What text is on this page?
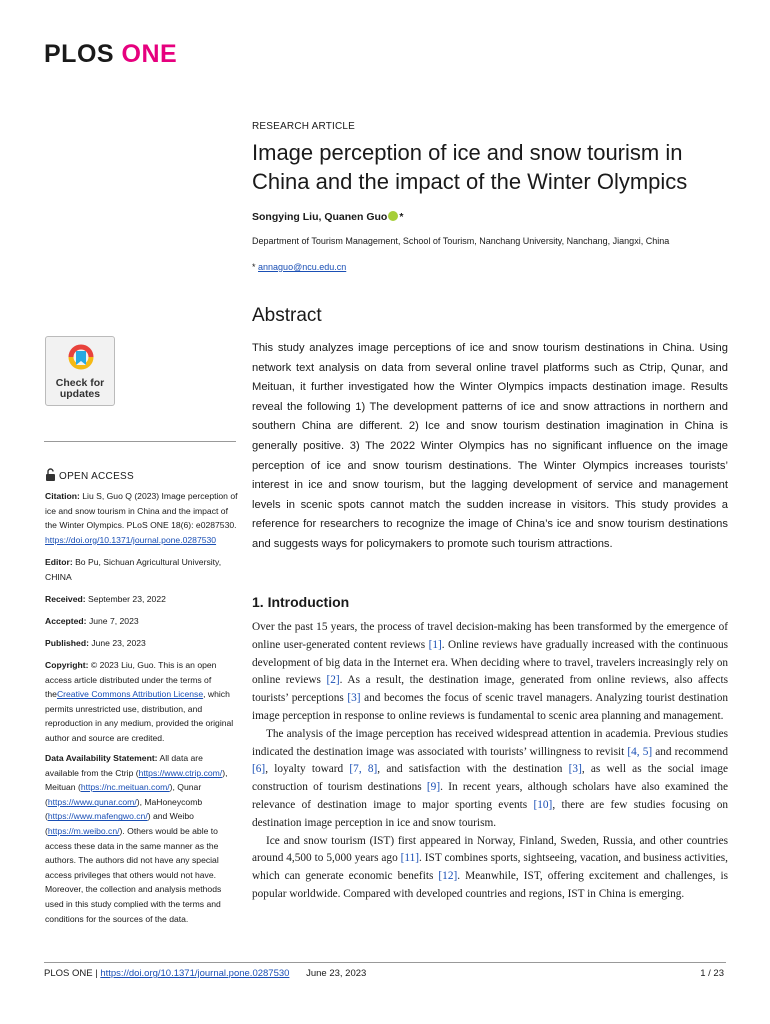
PLOS ONE
RESEARCH ARTICLE
Image perception of ice and snow tourism in China and the impact of the Winter Olympics
Songying Liu, Quanen Guo *
Department of Tourism Management, School of Tourism, Nanchang University, Nanchang, Jiangxi, China
* annaguo@ncu.edu.cn
Abstract
This study analyzes image perceptions of ice and snow tourism destinations in China. Using network text analysis on data from several online travel platforms such as Ctrip, Qunar, and Meituan, it further investigated how the Winter Olympics impacts destination image. Results reveal the following 1) The development patterns of ice and snow attractions in northern and southern China are different. 2) Ice and snow tourism destination imagination in China is generally positive. 3) The 2022 Winter Olympics has no significant influence on the image perception of ice and snow tourism destinations. The Winter Olympics increases tourists’ interest in ice and snow tourism, but the lagging development of service and management levels in scenic spots cannot match the sudden increase in visitors. This study provides a reference for researchers to recognize the image of China’s ice and snow tourism destinations and suggests ways for policymakers to promote such tourism attractions.
Check for
updates
OPEN ACCESS
Citation: Liu S, Guo Q (2023) Image perception of ice and snow tourism in China and the impact of the Winter Olympics. PLoS ONE 18(6): e0287530. https://doi.org/10.1371/journal.pone.0287530
Editor: Bo Pu, Sichuan Agricultural University, CHINA
Received: September 23, 2022
Accepted: June 7, 2023
Published: June 23, 2023
Copyright: © 2023 Liu, Guo. This is an open access article distributed under the terms of theCreative Commons Attribution License, which permits unrestricted use, distribution, and reproduction in any medium, provided the original author and source are credited.
Data Availability Statement: All data are available from the Ctrip (https://www.ctrip.com/), Meituan (https://nc.meituan.com/), Qunar (https://www.qunar.com/), MaHoneycomb (https://www.mafengwo.cn/) and Weibo (https://m.weibo.cn/). Others would be able to access these data in the same manner as the authors. The authors did not have any special access privileges that others would not have. Moreover, the collection and analysis methods used in this study complied with the terms and conditions for the sources of the data.
1. Introduction

Over the past 15 years, the process of travel decision-making has been transformed by the emergence of online user-generated content reviews [1]. Online reviews have gradually increased with the continuous development of big data in the Internet era. When deciding where to travel, travelers increasingly rely on online reviews [2]. As a result, the destination image, generated from online reviews, also affects tourists’ perceptions [3] and becomes the focus of scenic travel managers. Analyzing tourist destination image perception in response to online reviews is fundamental to scenic area planning and management.

The analysis of the image perception has received widespread attention in academia. Previous studies indicated the destination image was associated with tourists’ willingness to revisit [4, 5] and recommend [6], loyalty toward [7, 8], and satisfaction with the destination [3], as well as the social image construction of tourism destinations [9]. In recent years, although scholars have also examined the relevance of destination image to major sporting events [10], there are few studies focusing on destination image perception in ice and snow tourism.

Ice and snow tourism (IST) first appeared in Norway, Finland, Sweden, Russia, and other countries around 4,500 to 5,000 years ago [11]. IST combines sports, sightseeing, vacation, and business activities, which can generate economic benefits [12]. Meanwhile, IST, offering excitement and challenges, is popular worldwide. Compared with developed countries and regions, IST in China is emerging.

PLOS ONE | https://doi.org/10.1371/journal.pone.0287530 June 23, 2023	1 / 23
